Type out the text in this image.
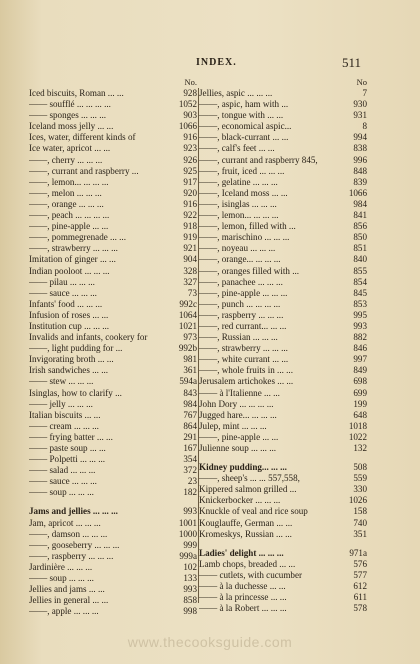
INDEX.	511
No.
Iced biscuits, Roman ... ...	928
—— soufflé ... ... ... ...	1052
—— sponges ... ... ...	903
Iceland moss jelly ... ...	1066
Ices, water, different kinds of	916
Ice water, apricot ... ...	923
——, cherry ... ... ...	926
——, currant and raspberry ...	925
——, lemon... ... ... ...	917
——, melon ... ... ...	920
——, orange ... ... ...	916
——, peach ... ... ... ...	922
——, pine-apple ... ...	918
——, pommegrenade ... ...	919
——, strawberry ... ... ...	921
Imitation of ginger ... ...	904
Indian pooloot ... ... ...	328
—— pilau ... ... ...	327
—— sauce ... ... ...	73
Infants' food ... ... ...	992c
Infusion of roses ... ...	1064
Institution cup ... ... ...	1021
Invalids and infants, cookery for	973
——, light pudding for ...	992b
Invigorating broth ... ...	981
Irish sandwiches ... ...	361
—— stew ... ... ...	594a
Isinglas, how to clarify ...	843
—— jelly ... ... ...	984
Italian biscuits ... ...	767
—— cream ... ... ...	864
—— frying batter ... ...	291
—— paste soup ... ...	167
—— Polpetti ... ... ...	354
—— salad ... ... ...	372
—— sauce ... ... ...	23
—— soup ... ... ...	182
Jams and jellies ... ... ...	993
Jam, apricot ... ... ...	1001
——, damson ... ... ...	1000
——, gooseberry ... ... ...	999
——, raspberry ... ... ...	999a
Jardinière ... ... ...	102
—— soup ... ... ...	133
Jellies and jams ... ...	993
Jellies in general ... ...	858
——, apple ... ... ...	998
No
Jellies, aspic ... ... ...	7
——, aspic, ham with ...	930
——, tongue with ... ...	931
——, economical aspic...	8
——, black-currant ... ...	994
——, calf's feet ... ...	838
——, currant and raspberry 845,	996
——, fruit, iced ... ... ...	848
——, gelatine ... ... ...	839
——, Iceland moss ... ...	1066
——, isinglas ... ... ...	984
——, lemon... ... ... ...	841
——, lemon, filled with ...	856
——, marischino ... ... ...	850
——, noyeau ... ... ...	851
——, orange... ... ... ...	840
——, oranges filled with ...	855
——, panachee ... ... ...	854
——, pine-apple ... ... ...	845
——, punch ... ... ... ...	853
——, raspberry ... ... ...	995
——, red currant... ... ...	993
——, Russian ... ... ...	882
——, strawberry ... ... ...	846
——, white currant ... ...	997
——, whole fruits in ... ...	849
Jerusalem artichokes ... ...	698
—— à l'Italienne ... ...	699
John Dory ... ... ... ...	199
Jugged hare... ... ... ...	648
Julep, mint ... ... ...	1018
——, pine-apple ... ...	1022
Julienne soup ... ... ...	132
Kidney pudding... ... ...	508
——, sheep's ... ... 557,558,	559
Kippered salmon grilled ...	330
Knickerbocker ... ... ...	1026
Knuckle of veal and rice soup	158
Kouglauffe, German ... ...	740
Kromeskys, Russian ... ...	351
Ladies' delight ... ... ...	971a
Lamb chops, breaded ... ...	576
—— cutlets, with cucumber	577
—— à la duchesse ... ...	612
—— à la princesse ... ...	611
—— à la Robert ... ... ...	578
www.thecooksguide.com
